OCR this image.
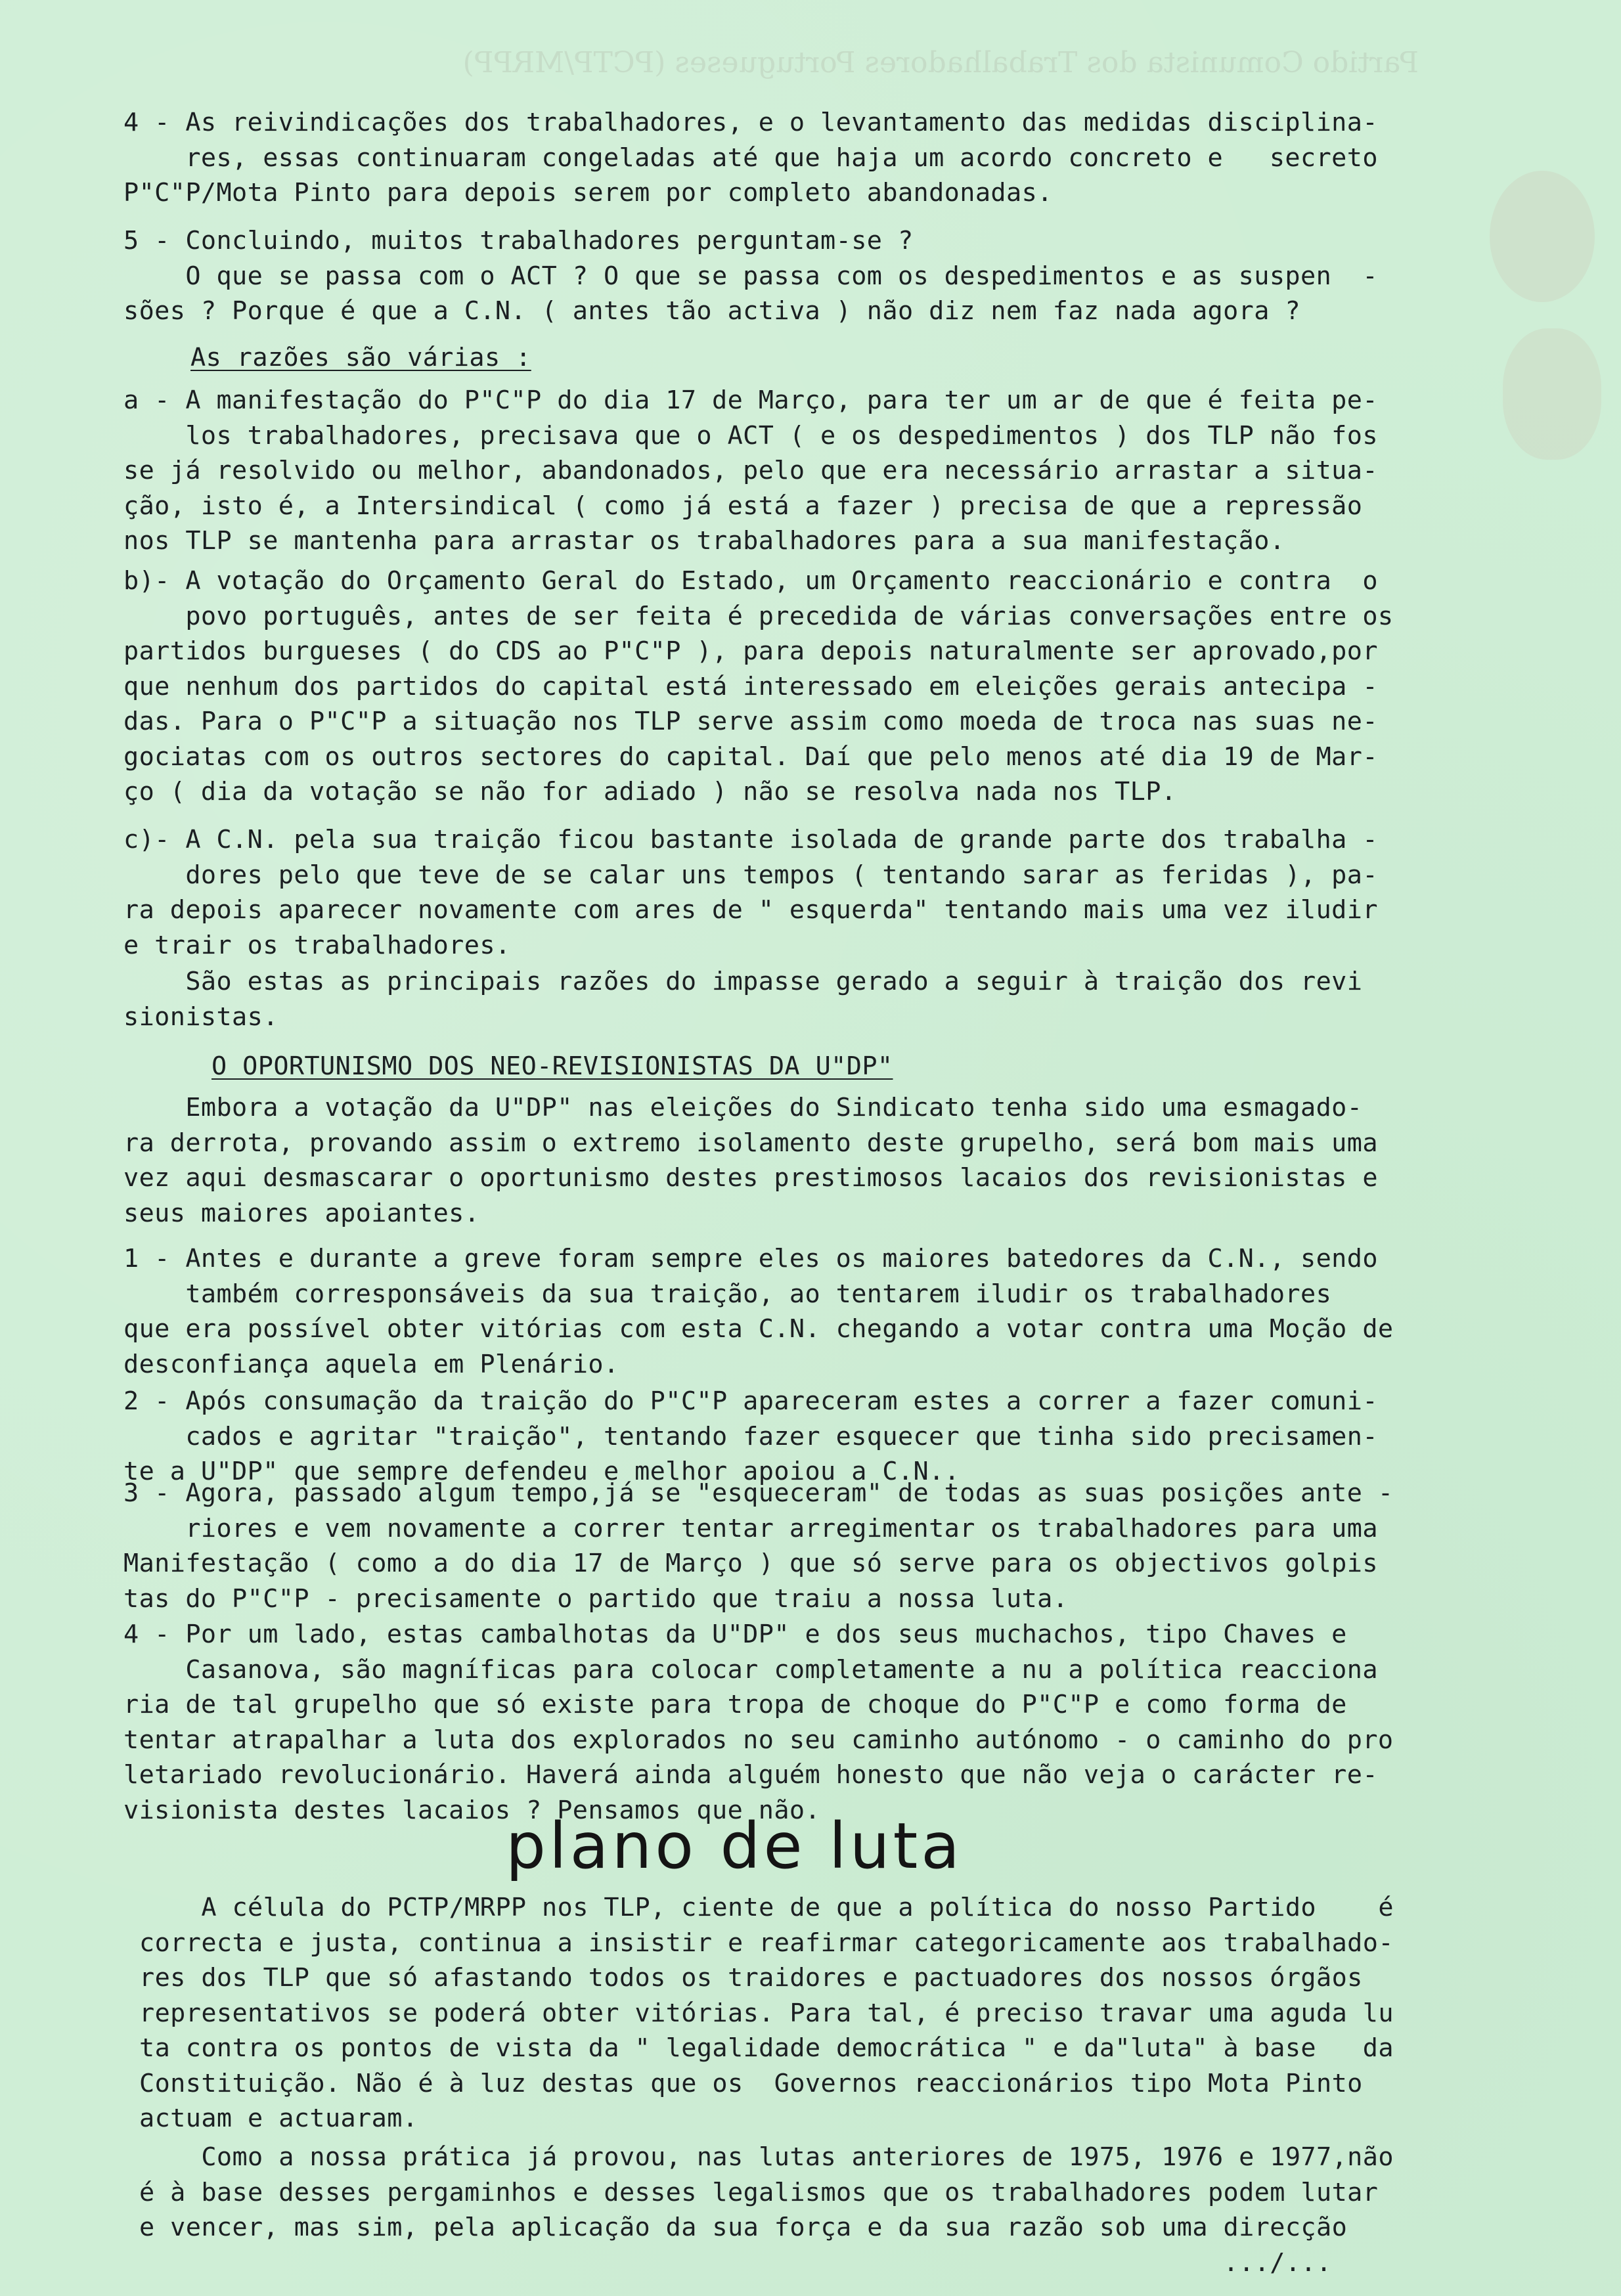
Partido Comunista dos Trabalhadores Portugueses (PCTP/MRPP)
4 - As reivindicações dos trabalhadores, e o levantamento das medidas disciplina-
res, essas continuaram congeladas até que haja um acordo concreto e   secreto
P"C"P/Mota Pinto para depois serem por completo abandonadas.
5 - Concluindo, muitos trabalhadores perguntam-se ?
O que se passa com o ACT ? O que se passa com os despedimentos e as suspen  -
sões ? Porque é que a C.N. ( antes tão activa ) não diz nem faz nada agora ?
As razões são várias :
a - A manifestação do P"C"P do dia 17 de Março, para ter um ar de que é feita pe-
los trabalhadores, precisava que o ACT ( e os despedimentos ) dos TLP não fos
se já resolvido ou melhor, abandonados, pelo que era necessário arrastar a situa-
ção, isto é, a Intersindical ( como já está a fazer ) precisa de que a repressão
nos TLP se mantenha para arrastar os trabalhadores para a sua manifestação.
b)- A votação do Orçamento Geral do Estado, um Orçamento reaccionário e contra  o
povo português, antes de ser feita é precedida de várias conversações entre os
partidos burgueses ( do CDS ao P"C"P ), para depois naturalmente ser aprovado,por
que nenhum dos partidos do capital está interessado em eleições gerais antecipa -
das. Para o P"C"P a situação nos TLP serve assim como moeda de troca nas suas ne-
gociatas com os outros sectores do capital. Daí que pelo menos até dia 19 de Mar-
ço ( dia da votação se não for adiado ) não se resolva nada nos TLP.
c)- A C.N. pela sua traição ficou bastante isolada de grande parte dos trabalha -
dores pelo que teve de se calar uns tempos ( tentando sarar as feridas ), pa-
ra depois aparecer novamente com ares de " esquerda" tentando mais uma vez iludir
e trair os trabalhadores.
São estas as principais razões do impasse gerado a seguir à traição dos revi
sionistas.
O OPORTUNISMO DOS NEO-REVISIONISTAS DA U"DP"
Embora a votação da U"DP" nas eleições do Sindicato tenha sido uma esmagado-
ra derrota, provando assim o extremo isolamento deste grupelho, será bom mais uma
vez aqui desmascarar o oportunismo destes prestimosos lacaios dos revisionistas e
seus maiores apoiantes.
1 - Antes e durante a greve foram sempre eles os maiores batedores da C.N., sendo
também corresponsáveis da sua traição, ao tentarem iludir os trabalhadores
que era possível obter vitórias com esta C.N. chegando a votar contra uma Moção de
desconfiança aquela em Plenário.
2 - Após consumação da traição do P"C"P apareceram estes a correr a fazer comuni-
cados e agritar "traição", tentando fazer esquecer que tinha sido precisamen-
te a U"DP" que sempre defendeu e melhor apoiou a C.N..
3 - Agora, passado algum tempo,já se "esqueceram" de todas as suas posições ante -
riores e vem novamente a correr tentar arregimentar os trabalhadores para uma
Manifestação ( como a do dia 17 de Março ) que só serve para os objectivos golpis
tas do P"C"P - precisamente o partido que traiu a nossa luta.
4 - Por um lado, estas cambalhotas da U"DP" e dos seus muchachos, tipo Chaves e
Casanova, são magníficas para colocar completamente a nu a política reacciona
ria de tal grupelho que só existe para tropa de choque do P"C"P e como forma de
tentar atrapalhar a luta dos explorados no seu caminho autónomo - o caminho do pro
letariado revolucionário. Haverá ainda alguém honesto que não veja o carácter re-
visionista destes lacaios ? Pensamos que não.
plano de luta
A célula do PCTP/MRPP nos TLP, ciente de que a política do nosso Partido    é
correcta e justa, continua a insistir e reafirmar categoricamente aos trabalhado-
res dos TLP que só afastando todos os traidores e pactuadores dos nossos órgãos
representativos se poderá obter vitórias. Para tal, é preciso travar uma aguda lu
ta contra os pontos de vista da " legalidade democrática " e da"luta" à base   da
Constituição. Não é à luz destas que os  Governos reaccionários tipo Mota Pinto
actuam e actuaram.
Como a nossa prática já provou, nas lutas anteriores de 1975, 1976 e 1977,não
é à base desses pergaminhos e desses legalismos que os trabalhadores podem lutar
e vencer, mas sim, pela aplicação da sua força e da sua razão sob uma direcção
.../...
